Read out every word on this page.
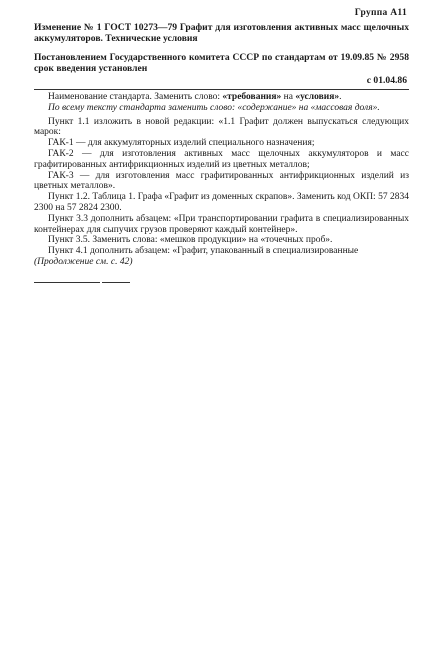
Группа А11
Изменение № 1 ГОСТ 10273—79 Графит для изготовления активных масс щелочных аккумуляторов. Технические условия
Постановлением Государственного комитета СССР по стандартам от 19.09.85 № 2958 срок введения установлен
с 01.04.86

Наименование стандарта. Заменить слово: «требования» на «условия».

По всему тексту стандарта заменить слово: «содержание» на «массовая доля».

Пункт 1.1 изложить в новой редакции: «1.1 Графит должен выпускаться следующих марок:

ГАК-1 — для аккумуляторных изделий специального назначения;

ГАК-2 — для изготовления активных масс щелочных аккумуляторов и масс графитированных антифрикционных изделий из цветных металлов;

ГАК-3 — для изготовления масс графитированных антифрикционных изделий из цветных металлов».

Пункт 1.2. Таблица 1. Графа «Графит из доменных скрапов». Заменить код ОКП: 57 2834 2300 на 57 2824 2300.

Пункт 3.3 дополнить абзацем: «При транспортировании графита в специализированных контейнерах для сыпучих грузов проверяют каждый контейнер».

Пункт 3.5. Заменить слова: «мешков продукции» на «точечных проб».

Пункт 4.1 дополнить абзацем: «Графит, упакованный в специализированные

(Продолжение см. с. 42)
